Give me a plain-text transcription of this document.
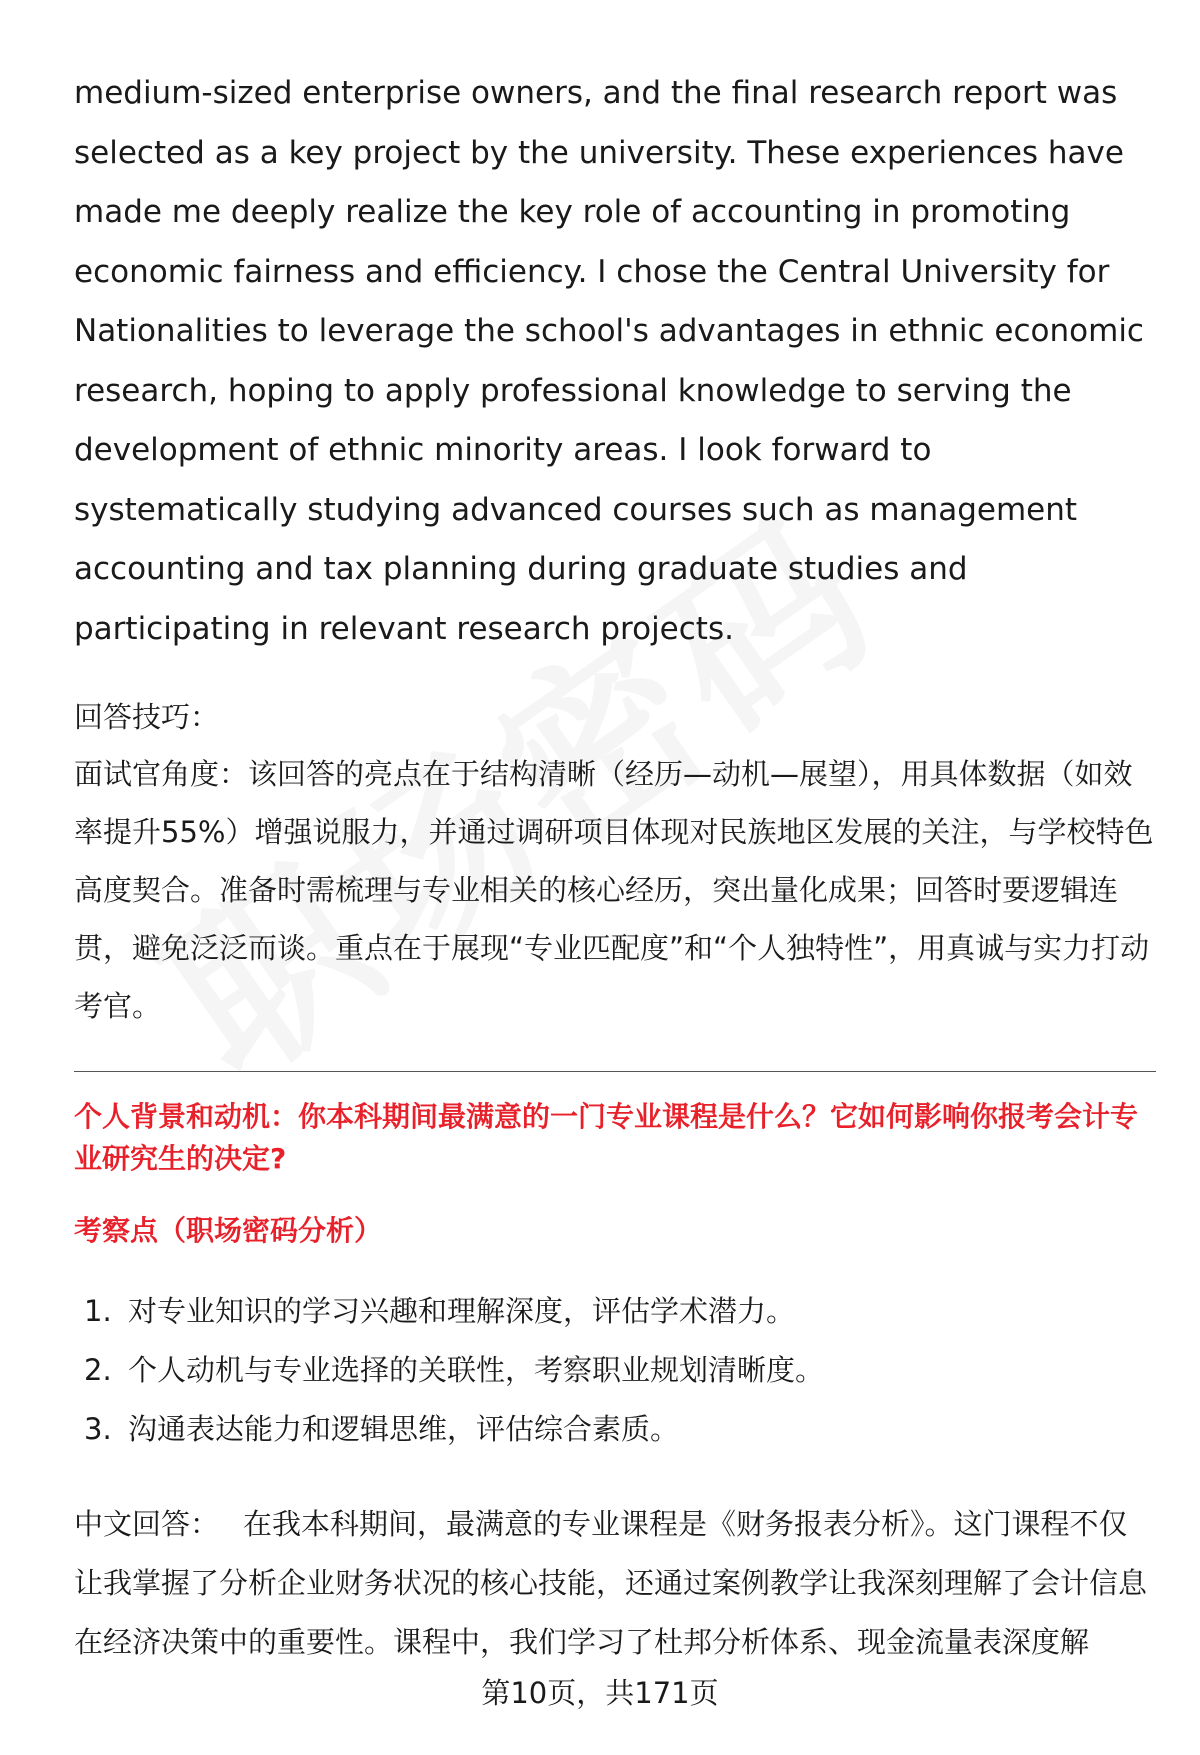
medium-sized enterprise owners, and the final research report was selected as a key project by the university. These experiences have made me deeply realize the key role of accounting in promoting economic fairness and efficiency. I chose the Central University for Nationalities to leverage the school's advantages in ethnic economic research, hoping to apply professional knowledge to serving the development of ethnic minority areas. I look forward to systematically studying advanced courses such as management accounting and tax planning during graduate studies and participating in relevant research projects.

回答技巧：

面试官角度：该回答的亮点在于结构清晰（经历—动机—展望），用具体数据（如效率提升55%）增强说服力，并通过调研项目体现对民族地区发展的关注，与学校特色高度契合。准备时需梳理与专业相关的核心经历，突出量化成果；回答时要逻辑连贯，避免泛泛而谈。重点在于展现“专业匹配度”和“个人独特性”，用真诚与实力打动考官。

个人背景和动机：你本科期间最满意的一门专业课程是什么？它如何影响你报考会计专业研究生的决定?

考察点（职场密码分析）

1. 对专业知识的学习兴趣和理解深度，评估学术潜力。
2. 个人动机与专业选择的关联性，考察职业规划清晰度。
3. 沟通表达能力和逻辑思维，评估综合素质。

中文回答： 在我本科期间，最满意的专业课程是《财务报表分析》。这门课程不仅让我掌握了分析企业财务状况的核心技能，还通过案例教学让我深刻理解了会计信息在经济决策中的重要性。课程中，我们学习了杜邦分析体系、现金流量表深度解

第10页，共171页
